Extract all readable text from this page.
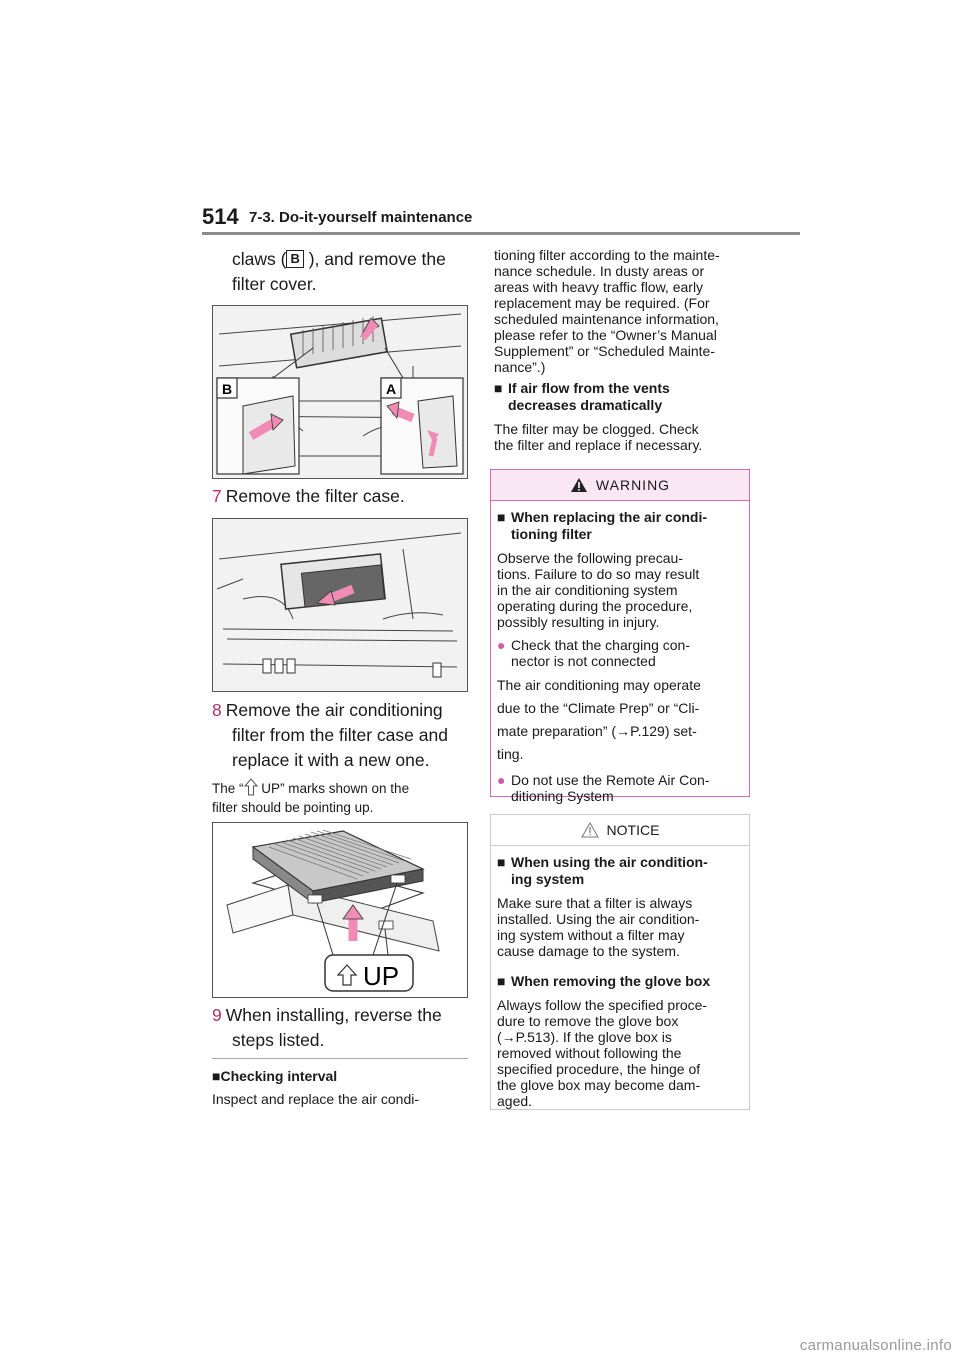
514 7-3. Do-it-yourself maintenance
claws ( B ), and remove the
filter cover.
B	A
7 Remove the filter case.
8 Remove the air conditioning
filter from the filter case and
replace it with a new one.
The “ UP” marks shown on the
filter should be pointing up.
UP
9 When installing, reverse the
steps listed.
■Checking interval
Inspect and replace the air condi-
tioning filter according to the mainte-
nance schedule. In dusty areas or
areas with heavy traffic flow, early
replacement may be required. (For
scheduled maintenance information,
please refer to the “Owner’s Manual
Supplement” or “Scheduled Mainte-
nance”.)
■ If air flow from the vents
decreases dramatically
The filter may be clogged. Check
the filter and replace if necessary.
WARNING
■ When replacing the air condi-
tioning filter
Observe the following precau-
tions. Failure to do so may result
in the air conditioning system
operating during the procedure,
possibly resulting in injury.
● Check that the charging con-
nector is not connected
The air conditioning may operate
due to the “Climate Prep” or “Cli-
mate preparation” (→P.129) set-
ting.
● Do not use the Remote Air Con-
ditioning System
NOTICE
■ When using the air condition-
ing system
Make sure that a filter is always
installed. Using the air condition-
ing system without a filter may
cause damage to the system.
■ When removing the glove box
Always follow the specified proce-
dure to remove the glove box
(→P.513). If the glove box is
removed without following the
specified procedure, the hinge of
the glove box may become dam-
aged.
carmanualsonline.info
